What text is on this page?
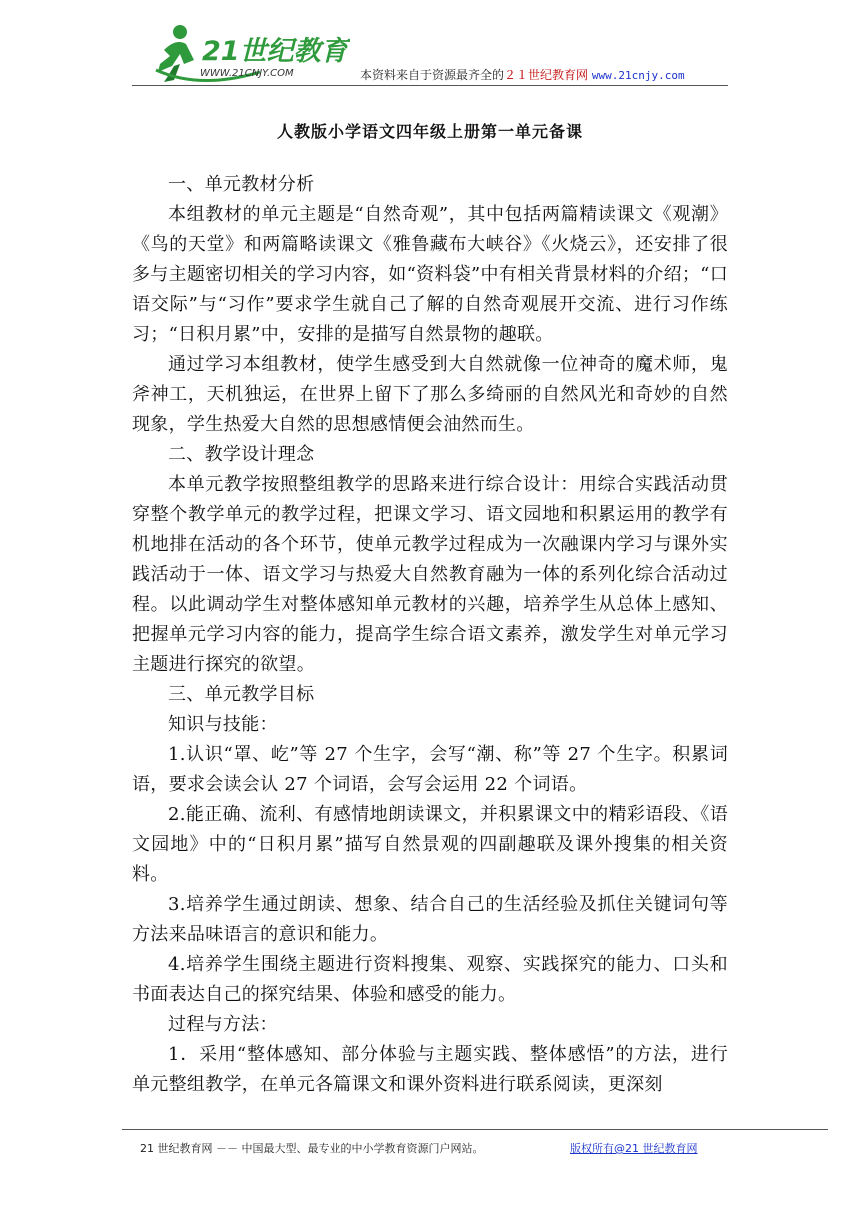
21世纪教育
WWW.21CNJY.COM	本资料来自于资源最齐全的２１世纪教育网 www.21cnjy.com
人教版小学语文四年级上册第一单元备课

一、单元教材分析

本组教材的单元主题是“自然奇观”，其中包括两篇精读课文《观潮》《鸟的天堂》和两篇略读课文《雅鲁藏布大峡谷》《火烧云》，还安排了很多与主题密切相关的学习内容，如“资料袋”中有相关背景材料的介绍；“口语交际”与“习作”要求学生就自己了解的自然奇观展开交流、进行习作练习；“日积月累”中，安排的是描写自然景物的趣联。

通过学习本组教材，使学生感受到大自然就像一位神奇的魔术师，鬼斧神工，天机独运，在世界上留下了那么多绮丽的自然风光和奇妙的自然现象，学生热爱大自然的思想感情便会油然而生。

二、教学设计理念

本单元教学按照整组教学的思路来进行综合设计：用综合实践活动贯穿整个教学单元的教学过程，把课文学习、语文园地和积累运用的教学有机地排在活动的各个环节，使单元教学过程成为一次融课内学习与课外实践活动于一体、语文学习与热爱大自然教育融为一体的系列化综合活动过程。以此调动学生对整体感知单元教材的兴趣，培养学生从总体上感知、把握单元学习内容的能力，提高学生综合语文素养，激发学生对单元学习主题进行探究的欲望。

三、单元教学目标

知识与技能：

1.认识“罩、屹”等 27 个生字，会写“潮、称”等 27 个生字。积累词语，要求会读会认 27 个词语，会写会运用 22 个词语。

2.能正确、流利、有感情地朗读课文，并积累课文中的精彩语段、《语文园地》中的“日积月累”描写自然景观的四副趣联及课外搜集的相关资料。

3.培养学生通过朗读、想象、结合自己的生活经验及抓住关键词句等方法来品味语言的意识和能力。

4.培养学生围绕主题进行资料搜集、观察、实践探究的能力、口头和书面表达自己的探究结果、体验和感受的能力。

过程与方法：

1．采用“整体感知、部分体验与主题实践、整体感悟”的方法，进行单元整组教学，在单元各篇课文和课外资料进行联系阅读，更深刻

21 世纪教育网 －－ 中国最大型、最专业的中小学教育资源门户网站。	版权所有@21 世纪教育网
